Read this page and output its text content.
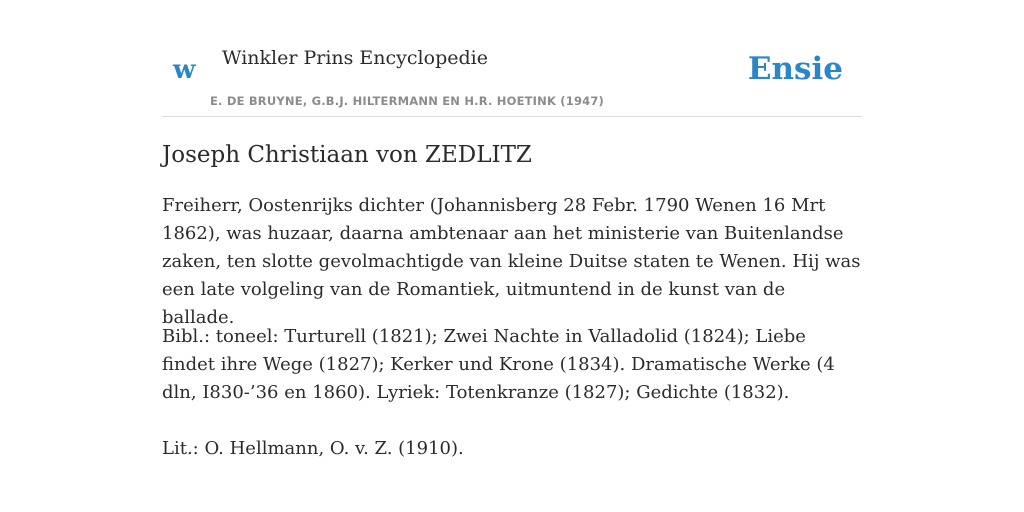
w Winkler Prins Encyclopedie
E. DE BRUYNE, G.B.J. HILTERMANN EN H.R. HOETINK (1947)
Ensie
Joseph Christiaan von ZEDLITZ

Freiherr, Oostenrijks dichter (Johannisberg 28 Febr. 1790 Wenen 16 Mrt 1862), was huzaar, daarna ambtenaar aan het ministerie van Buitenlandse zaken, ten slotte gevolmachtigde van kleine Duitse staten te Wenen. Hij was een late volgeling van de Romantiek, uitmuntend in de kunst van de ballade.

Bibl.: toneel: Turturell (1821); Zwei Nachte in Valladolid (1824); Liebe findet ihre Wege (1827); Kerker und Krone (1834). Dramatische Werke (4 dln, I830-’36 en 1860). Lyriek: Totenkranze (1827); Gedichte (1832).

Lit.: O. Hellmann, O. v. Z. (1910).
